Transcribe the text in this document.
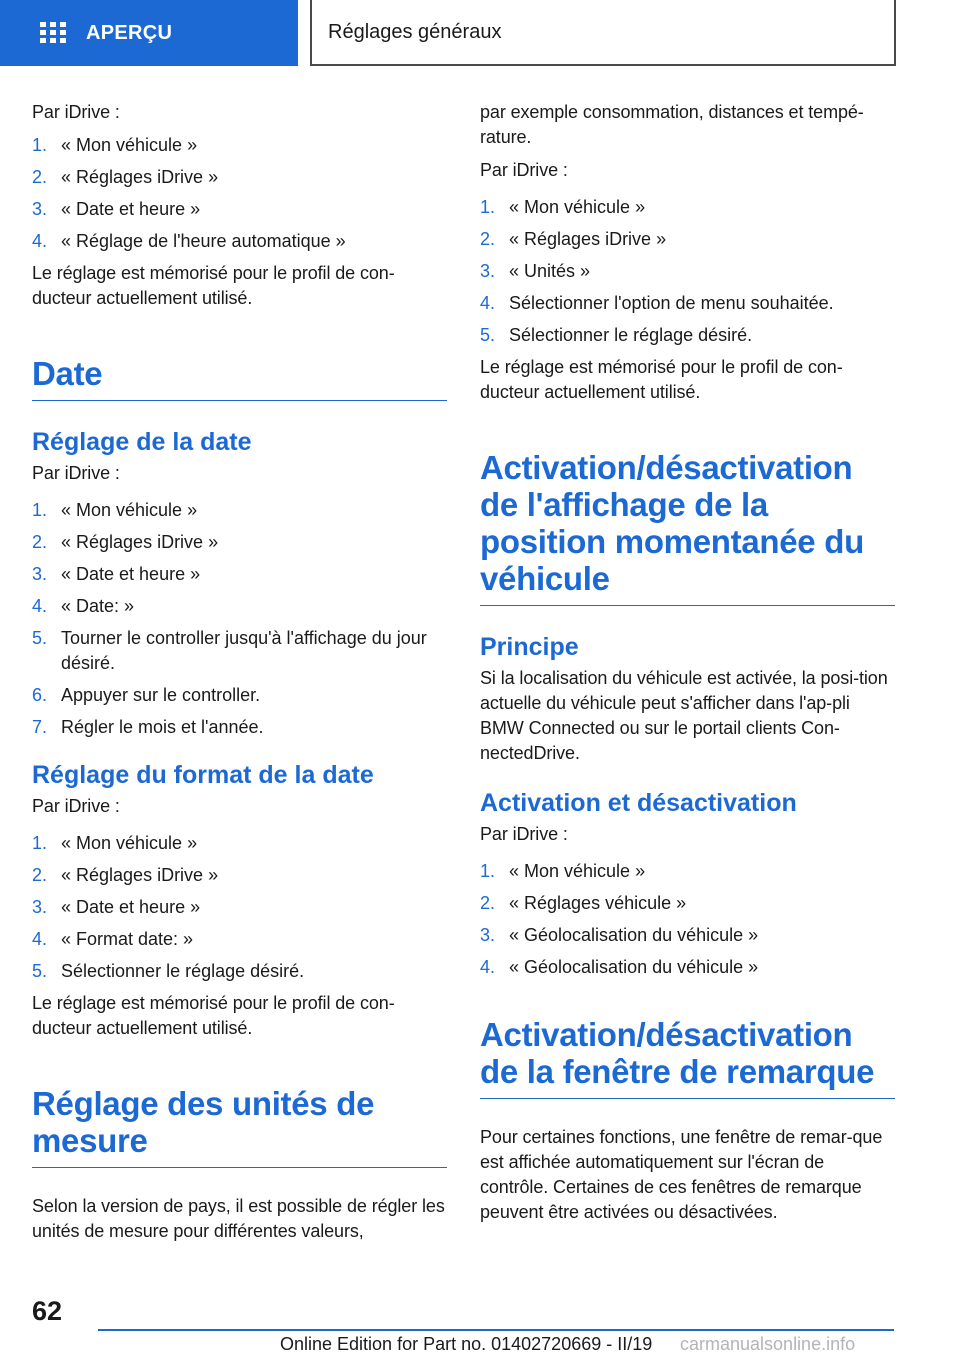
APERÇU	Réglages généraux

Par iDrive :

1. « Mon véhicule »
2. « Réglages iDrive »
3. « Date et heure »
4. « Réglage de l'heure automatique »

Le réglage est mémorisé pour le profil de con‐ducteur actuellement utilisé.

Date
Réglage de la date

Par iDrive :

1. « Mon véhicule »
2. « Réglages iDrive »
3. « Date et heure »
4. « Date: »
5. Tourner le controller jusqu'à l'affichage du jour désiré.
6. Appuyer sur le controller.
7. Régler le mois et l'année.
Réglage du format de la date

Par iDrive :

1. « Mon véhicule »
2. « Réglages iDrive »
3. « Date et heure »
4. « Format date: »
5. Sélectionner le réglage désiré.

Le réglage est mémorisé pour le profil de con‐ducteur actuellement utilisé.

Réglage des unités de mesure

Selon la version de pays, il est possible de régler les unités de mesure pour différentes valeurs,

par exemple consommation, distances et tempé‐rature.

Par iDrive :

1. « Mon véhicule »
2. « Réglages iDrive »
3. « Unités »
4. Sélectionner l'option de menu souhaitée.
5. Sélectionner le réglage désiré.

Le réglage est mémorisé pour le profil de con‐ducteur actuellement utilisé.

Activation/désactivation de l'affichage de la position momentanée du véhicule
Principe

Si la localisation du véhicule est activée, la posi‐tion actuelle du véhicule peut s'afficher dans l'ap‐pli BMW Connected ou sur le portail clients Con‐nectedDrive.

Activation et désactivation

Par iDrive :

1. « Mon véhicule »
2. « Réglages véhicule »
3. « Géolocalisation du véhicule »
4. « Géolocalisation du véhicule »
Activation/désactivation de la fenêtre de remarque

Pour certaines fonctions, une fenêtre de remar‐que est affichée automatiquement sur l'écran de contrôle. Certaines de ces fenêtres de remarque peuvent être activées ou désactivées.

62
Online Edition for Part no. 01402720669 - II/19 carmanualsonline.info
